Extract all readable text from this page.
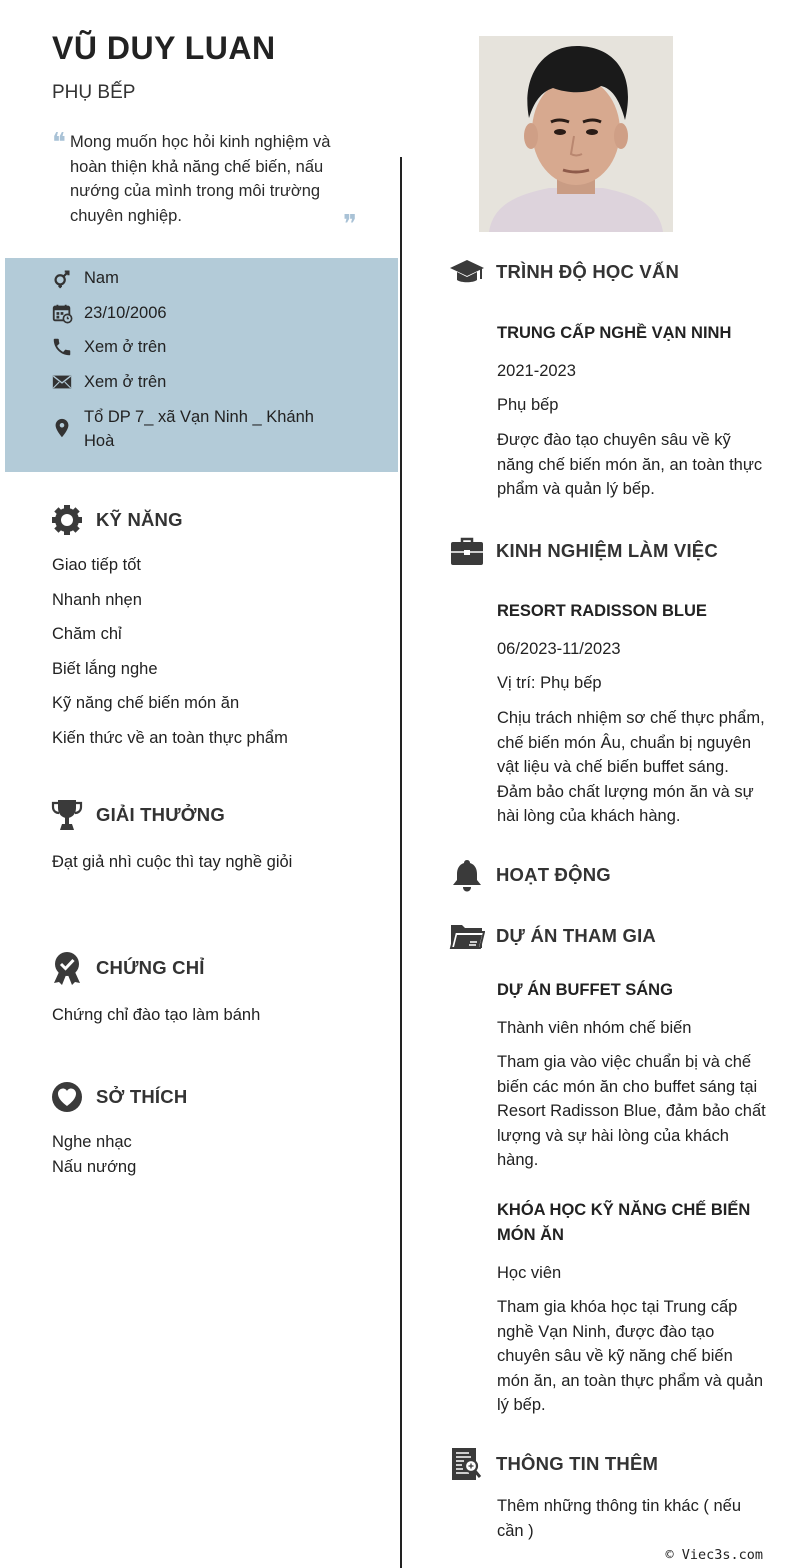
VŨ DUY LUAN
PHỤ BẾP
❝ Mong muốn học hỏi kinh nghiệm và hoàn thiện khả năng chế biến, nấu nướng của mình trong môi trường chuyên nghiệp.	❞
Nam
23/10/2006
Xem ở trên
Xem ở trên
Tổ DP 7_ xã Vạn Ninh _ Khánh Hoà
KỸ NĂNG
Giao tiếp tốt
Nhanh nhẹn
Chăm chỉ
Biết lắng nghe
Kỹ năng chế biến món ăn
Kiến thức về an toàn thực phẩm
GIẢI THƯỞNG
Đạt giả nhì cuộc thì tay nghề giỏi
CHỨNG CHỈ
Chứng chỉ đào tạo làm bánh
SỞ THÍCH
Nghe nhạc
Nấu nướng
TRÌNH ĐỘ HỌC VẤN
TRUNG CẤP NGHỀ VẠN NINH
2021-2023
Phụ bếp
Được đào tạo chuyên sâu về kỹ năng chế biến món ăn, an toàn thực phẩm và quản lý bếp.
KINH NGHIỆM LÀM VIỆC
RESORT RADISSON BLUE
06/2023-11/2023
Vị trí: Phụ bếp
Chịu trách nhiệm sơ chế thực phẩm, chế biến món Âu, chuẩn bị nguyên vật liệu và chế biến buffet sáng. Đảm bảo chất lượng món ăn và sự hài lòng của khách hàng.
HOẠT ĐỘNG
DỰ ÁN THAM GIA
DỰ ÁN BUFFET SÁNG
Thành viên nhóm chế biến
Tham gia vào việc chuẩn bị và chế biến các món ăn cho buffet sáng tại Resort Radisson Blue, đảm bảo chất lượng và sự hài lòng của khách hàng.
KHÓA HỌC KỸ NĂNG CHẾ BIẾN MÓN ĂN
Học viên
Tham gia khóa học tại Trung cấp nghề Vạn Ninh, được đào tạo chuyên sâu về kỹ năng chế biến món ăn, an toàn thực phẩm và quản lý bếp.
THÔNG TIN THÊM
Thêm những thông tin khác ( nếu cần )
© Viec3s.com
